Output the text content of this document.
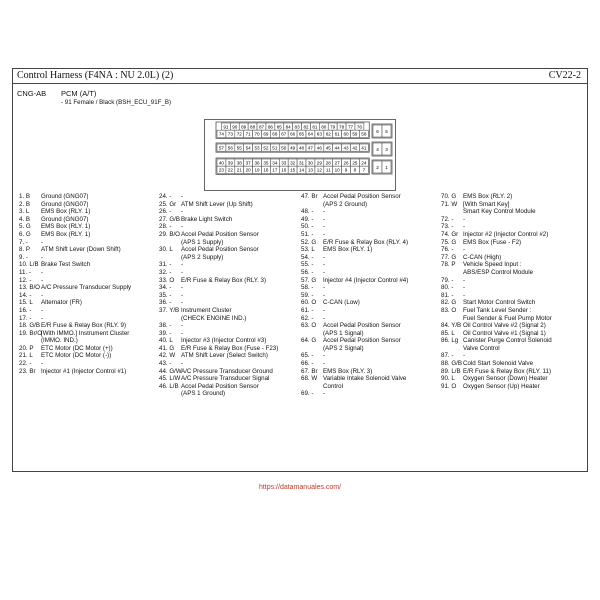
Control Harness (F4NA : NU 2.0L) (2)	CV22-2
CNG-AB PCM (A/T)
- 91 Female / Black (BSH_ECU_91F_B)
91 90 89 88 87 86 85 84 83 82 81 80 79 78 77 76
74 73 72 71 70 69 68 67 66 65 64 63 62 61 60 59 58
57 56 55 54 53 52 51 50 49 48 47 46 45 44 43 42 41
40 39 38 37 36 35 34 33 32 31 30 29 28 27 26 25 24
23 22 21 20 19 18 17 16 15 14 13 12 11 10 9 8 7
6 5
4 3
2 1
1. B	Ground (GNG07)
2. B	Ground (GNG07)
3. L	EMS Box (RLY. 1)
4. B	Ground (GNG07)
5. G	EMS Box (RLY. 1)
6. G	EMS Box (RLY. 1)
7. -	-
8. P	ATM Shift Lever (Down Shift)
9. -	-
10. L/B Brake Test Switch
11. -	-
12. -	-
13. B/O A/C Pressure Transducer Supply
14. -	-
15. L	Alternator (FR)
16. -	-
17. -	-
18. G/B E/R Fuse & Relay Box (RLY. 9)
19. Br/O
[With IMMO.] Instrument Cluster
(IMMO. IND.)
20. P	ETC Motor (DC Motor (+))
21. L	ETC Motor (DC Motor (-))
22. -	-
23. Br Injector #1 (Injector Control #1)
24. -	-
25. Gr ATM Shift Lever (Up Shift)
26. -	-
27. G/B Brake Light Switch
28. -	-
29. B/O Accel Pedal Position Sensor
(APS 1 Supply)
30. L	Accel Pedal Position Sensor
(APS 2 Supply)
31. -	-
32. -	-
33. O	E/R Fuse & Relay Box (RLY. 3)
34. -	-
35. -	-
36. -	-
37. Y/B Instrument Cluster
(CHECK ENGINE IND.)
38. -	-
39. -	-
40. L	Injector #3 (Injector Control #3)
41. G	E/R Fuse & Relay Box (Fuse - F23)
42. W ATM Shift Lever (Select Switch)
43. -	-
44. G/W A/C Pressure Transducer Ground
45. L/W A/C Pressure Transducer Signal
46. L/B Accel Pedal Position Sensor
(APS 1 Ground)
47. Br Accel Pedal Position Sensor
(APS 2 Ground)
48. -	-
49. -	-
50. -	-
51. -	-
52. G	E/R Fuse & Relay Box (RLY. 4)
53. L	EMS Box (RLY. 1)
54. -	-
55. -	-
56. -	-
57. G	Injector #4 (Injector Control #4)
58. -	-
59. -	-
60. O	C-CAN (Low)
61. -	-
62. -	-
63. O	Accel Pedal Position Sensor
(APS 1 Signal)
64. G	Accel Pedal Position Sensor
(APS 2 Signal)
65. -	-
66. -	-
67. Br EMS Box (RLY. 3)
68. W Variable Intake Solenoid Valve
Control
69. -	-
70. G	EMS Box (RLY. 2)
71. W [With Smart Key]
Smart Key Control Module
72. -	-
73. -	-
74. Gr Injector #2 (Injector Control #2)
75. G	EMS Box (Fuse - F2)
76. -	-
77. G	C-CAN (High)
78. P	Vehicle Speed Input :
ABS/ESP Control Module
79. -	-
80. -	-
81. -	-
82. G	Start Motor Control Switch
83. O	Fuel Tank Level Sender :
Fuel Sender & Fuel Pump Motor
84. Y/B Oil Control Valve #2 (Signal 2)
85. L	Oil Control Valve #1 (Signal 1)
86. Lg Canister Purge Control Solenoid
Valve Control
87. -	-
88. G/B Cold Start Solenoid Valve
89. L/B E/R Fuse & Relay Box (RLY. 11)
90. L	Oxygen Sensor (Down) Heater
91. O	Oxygen Sensor (Up) Heater
https://datamanuales.com/
